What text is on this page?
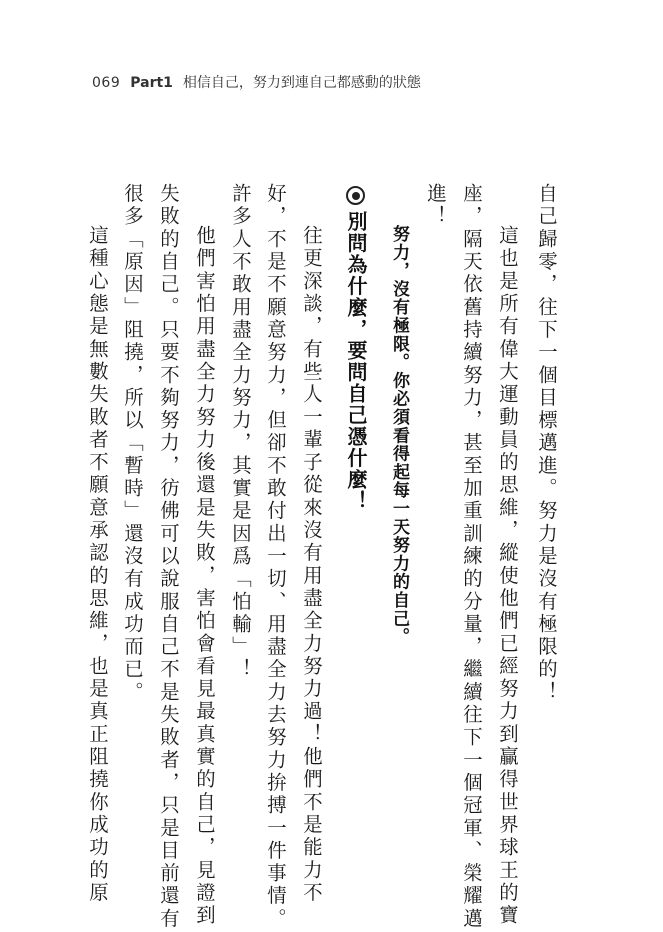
069 Part1 相信自己，努力到連自己都感動的狀態
自己歸零，往下一個目標邁進。努力是沒有極限的！
這也是所有偉大運動員的思維，縱使他們已經努力到贏得世界球王的寶
座，隔天依舊持續努力，甚至加重訓練的分量，繼續往下一個冠軍、榮耀邁
進！
努力，沒有極限。你必須看得起每一天努力的自己。
別問為什麼，要問自己憑什麼！
往更深談，有些人一輩子從來沒有用盡全力努力過！他們不是能力不
好，不是不願意努力，但卻不敢付出一切、用盡全力去努力拚搏一件事情。
許多人不敢用盡全力努力，其實是因爲「怕輸」！
他們害怕用盡全力努力後還是失敗，害怕會看見最真實的自己，見證到
失敗的自己。只要不夠努力，彷佛可以說服自己不是失敗者，只是目前還有
很多「原因」阻撓，所以「暫時」還沒有成功而已。
這種心態是無數失敗者不願意承認的思維，也是真正阻撓你成功的原
